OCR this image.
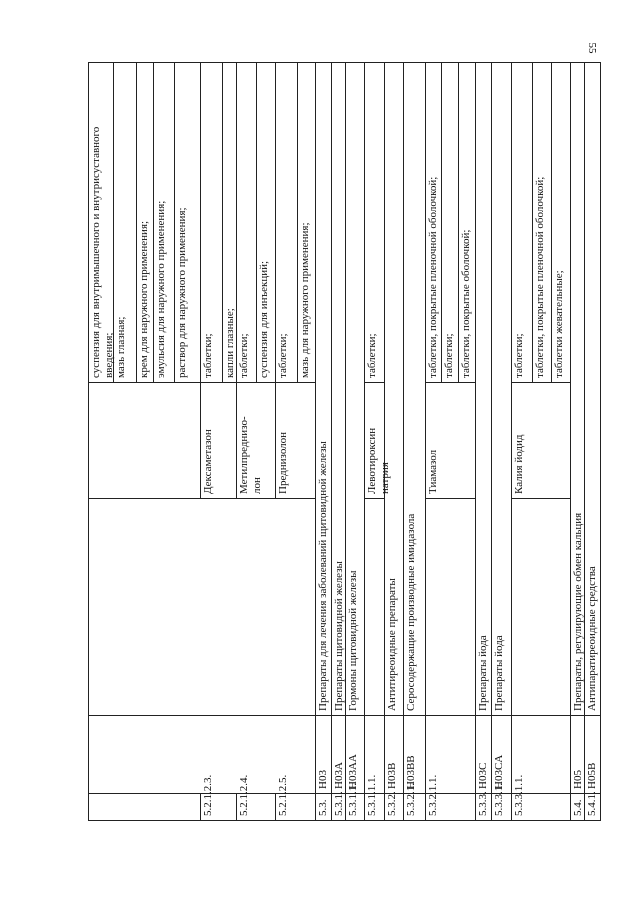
55
суспензия для внутримышечного и внутрисуставного введения; мазь глазная; крем для наружного применения; эмульсия для наружного применения; раствор для наружного применения;
5.2.1.2.3.
Дексаметазон
таблетки; капли глазные;
5.2.1.2.4.
Метилпреднизо- лон
таблетки; суспензия для инъекций;
5.2.1.2.5.
Преднизолон
таблетки; мазь для наружного применения;
5.3.
H03
Препараты для лечения заболеваний щитовидной железы
5.3.1.
H03A
Препараты щитовидной железы
5.3.1.1.
H03AA
Гормоны щитовидной железы
5.3.1.1.1.
Левотироксин натрия
таблетки;
5.3.2.
H03B
Антитиреоидные препараты
5.3.2.1.
H03BB
Серосодержащие производные имидазола
5.3.2.1.1.
Тиамазол
таблетки, покрытые пленочной оболочкой; таблетки; таблетки, покрытые оболочкой;
5.3.3.
H03C
Препараты йода
5.3.3.1.
H03CA
Препараты йода
5.3.3.1.1.
Калия йодид
таблетки; таблетки, покрытые пленочной оболочкой; таблетки жевательные;
5.4.
H05
Препараты, регулирующие обмен кальция
5.4.1.
H05B
Антипаратиреоидные средства
